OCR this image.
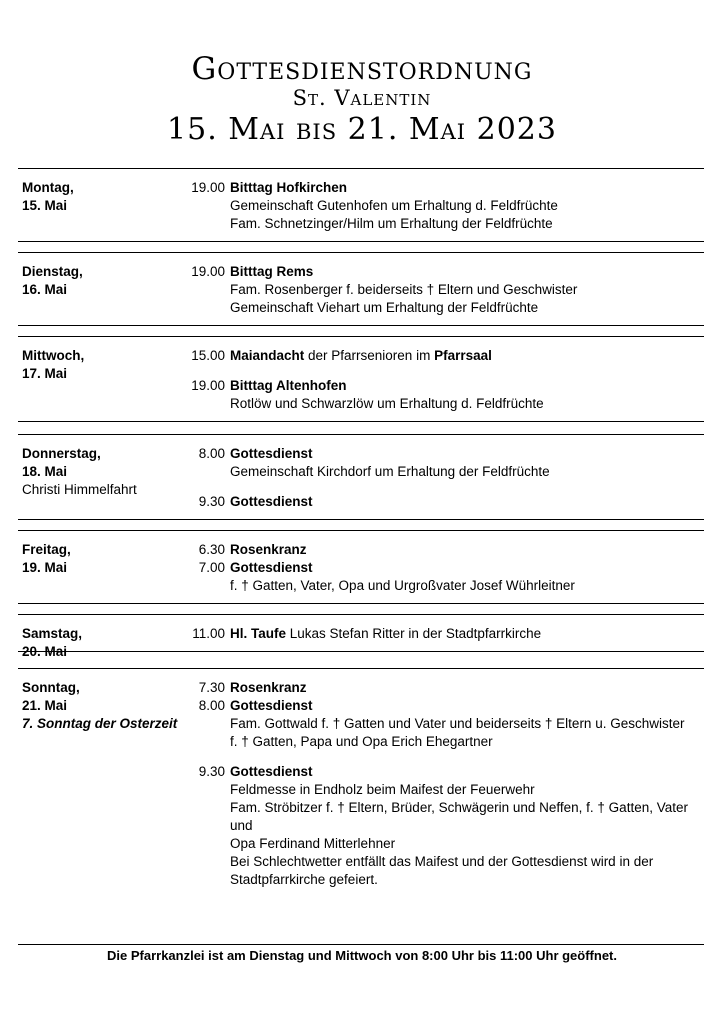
Gottesdienstordnung
St. Valentin
15. Mai bis 21. Mai 2023
Montag,
15. Mai
19.00 Bitttag Hofkirchen
Gemeinschaft Gutenhofen um Erhaltung d. Feldfrüchte
Fam. Schnetzinger/Hilm um Erhaltung der Feldfrüchte
Dienstag,
16. Mai
19.00 Bitttag Rems
Fam. Rosenberger f. beiderseits † Eltern und Geschwister
Gemeinschaft Viehart um Erhaltung der Feldfrüchte
Mittwoch,
17. Mai
15.00 Maiandacht der Pfarrsenioren im Pfarrsaal
19.00 Bitttag Altenhofen
Rotlöw und Schwarzlöw um Erhaltung d. Feldfrüchte
Donnerstag,
18. Mai
Christi Himmelfahrt
8.00 Gottesdienst
Gemeinschaft Kirchdorf um Erhaltung der Feldfrüchte
9.30 Gottesdienst
Freitag,
19. Mai
6.30 Rosenkranz
7.00 Gottesdienst
f. † Gatten, Vater, Opa und Urgroßvater Josef Wührleitner
Samstag,
20. Mai
11.00 Hl. Taufe Lukas Stefan Ritter in der Stadtpfarrkirche
Sonntag,
21. Mai
7. Sonntag der Osterzeit
7.30 Rosenkranz
8.00 Gottesdienst
Fam. Gottwald f. † Gatten und Vater und beiderseits † Eltern u. Geschwister
f. † Gatten, Papa und Opa Erich Ehegartner
9.30 Gottesdienst
Feldmesse in Endholz beim Maifest der Feuerwehr
Fam. Ströbitzer f. † Eltern, Brüder, Schwägerin und Neffen, f. † Gatten, Vater und
Opa Ferdinand Mitterlehner
Bei Schlechtwetter entfällt das Maifest und der Gottesdienst wird in der
Stadtpfarrkirche gefeiert.
Die Pfarrkanzlei ist am Dienstag und Mittwoch von 8:00 Uhr bis 11:00 Uhr geöffnet.
